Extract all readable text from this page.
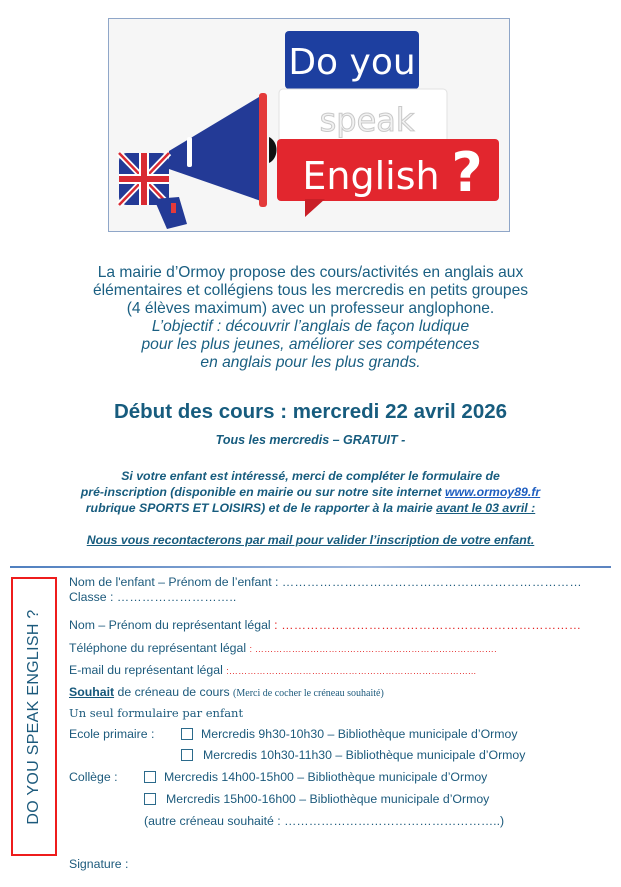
Do you
speak
English ?
La mairie d’Ormoy propose des cours/activités en anglais aux
élémentaires et collégiens tous les mercredis en petits groupes
(4 élèves maximum) avec un professeur anglophone.
L’objectif : découvrir l’anglais de façon ludique
pour les plus jeunes, améliorer ses compétences
en anglais pour les plus grands.
Début des cours : mercredi 22 avril 2026
Tous les mercredis – GRATUIT -
Si votre enfant est intéressé, merci de compléter le formulaire de
pré-inscription (disponible en mairie ou sur notre site internet www.ormoy89.fr
rubrique SPORTS ET LOISIRS) et de le rapporter à la mairie avant le 03 avril :
Nous vous recontacterons par mail pour valider l’inscription de votre enfant.
DO YOU SPEAK ENGLISH ?
Nom de l'enfant – Prénom de l’enfant : ………………………………………………………………
Classe : ………………………..
Nom – Prénom du représentant légal : ………………………………………………………………
Téléphone du représentant légal : …………………………………………………………………….
E-mail du représentant légal :……………………………………………………………………...
Souhait de créneau de cours (Merci de cocher le créneau souhaité)
Un seul formulaire par enfant
Ecole primaire :	Mercredis 9h30-10h30 – Bibliothèque municipale d’Ormoy
Mercredis 10h30-11h30 – Bibliothèque municipale d’Ormoy
Collège :	Mercredis 14h00-15h00 – Bibliothèque municipale d’Ormoy
Mercredis 15h00-16h00 – Bibliothèque municipale d’Ormoy
(autre créneau souhaité : ……………………………………………..)
Signature :
